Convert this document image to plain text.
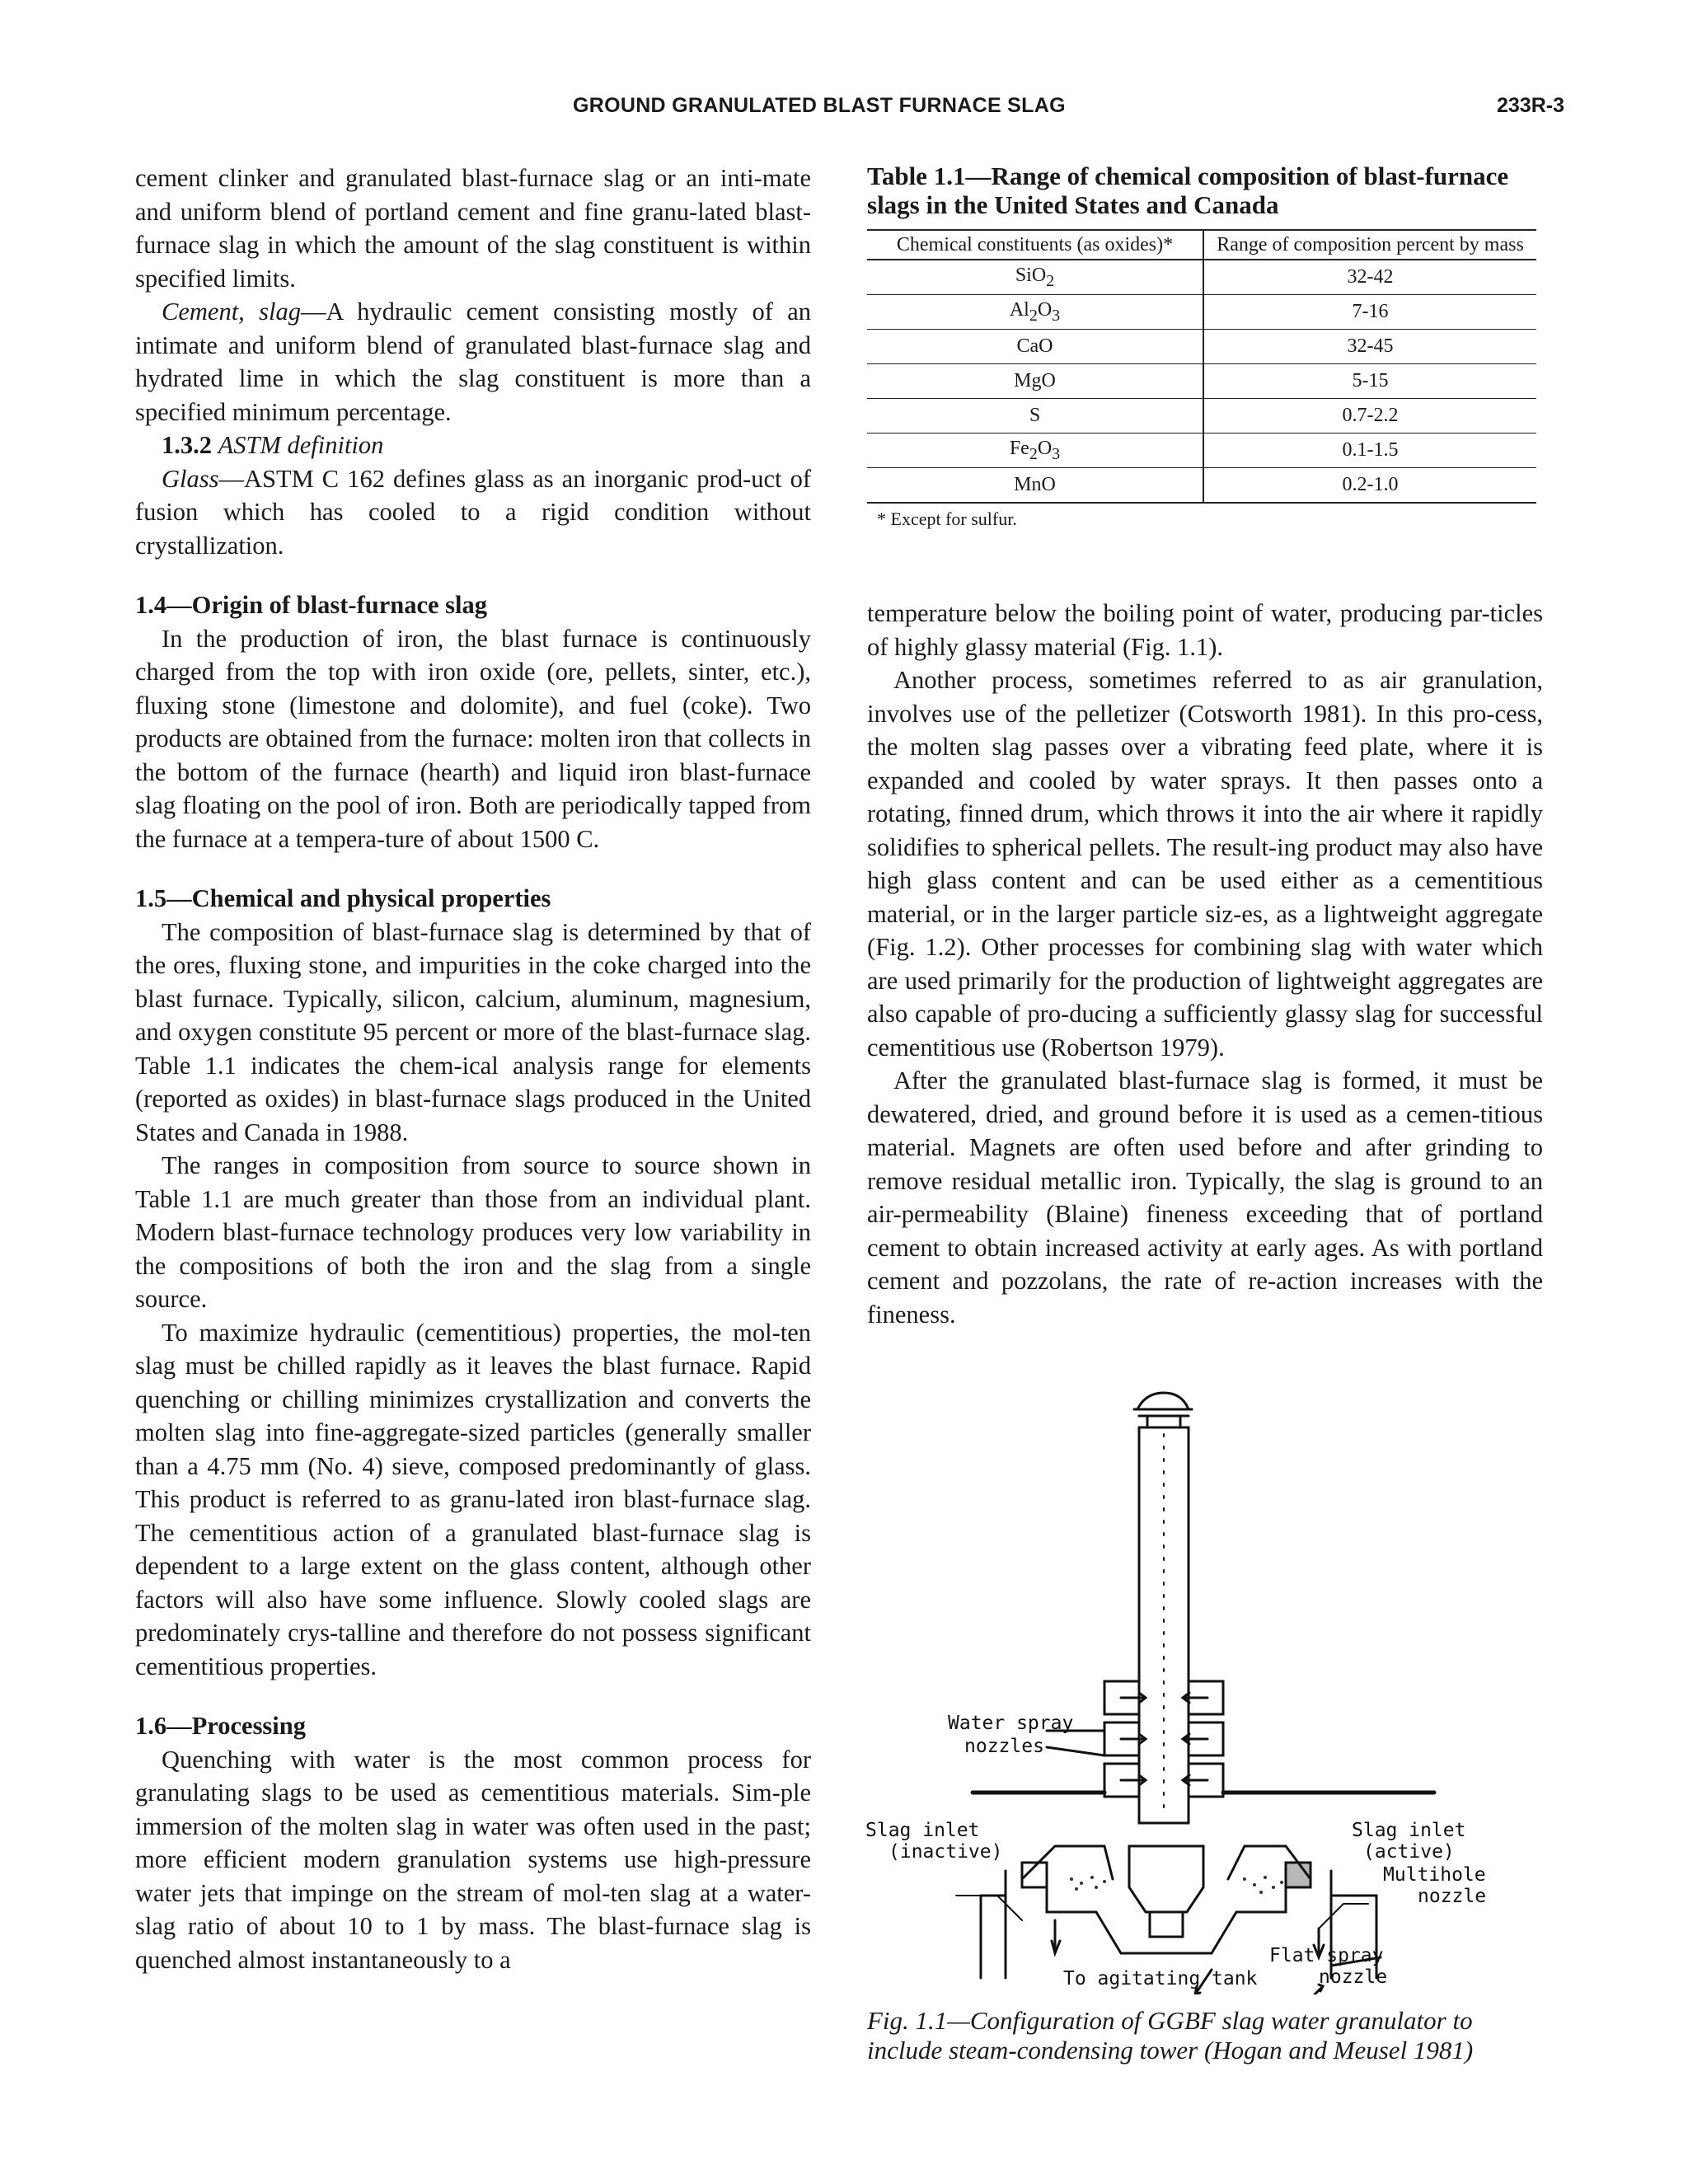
GROUND GRANULATED BLAST FURNACE SLAG	233R-3

cement clinker and granulated blast-furnace slag or an inti-mate and uniform blend of portland cement and fine granu-lated blast-furnace slag in which the amount of the slag constituent is within specified limits.

Cement, slag—A hydraulic cement consisting mostly of an intimate and uniform blend of granulated blast-furnace slag and hydrated lime in which the slag constituent is more than a specified minimum percentage.

1.3.2 ASTM definition

Glass—ASTM C 162 defines glass as an inorganic prod-uct of fusion which has cooled to a rigid condition without crystallization.

1.4—Origin of blast-furnace slag

In the production of iron, the blast furnace is continuously charged from the top with iron oxide (ore, pellets, sinter, etc.), fluxing stone (limestone and dolomite), and fuel (coke). Two products are obtained from the furnace: molten iron that collects in the bottom of the furnace (hearth) and liquid iron blast-furnace slag floating on the pool of iron. Both are periodically tapped from the furnace at a tempera-ture of about 1500 C.

1.5—Chemical and physical properties

The composition of blast-furnace slag is determined by that of the ores, fluxing stone, and impurities in the coke charged into the blast furnace. Typically, silicon, calcium, aluminum, magnesium, and oxygen constitute 95 percent or more of the blast-furnace slag. Table 1.1 indicates the chem-ical analysis range for elements (reported as oxides) in blast-furnace slags produced in the United States and Canada in 1988.

The ranges in composition from source to source shown in Table 1.1 are much greater than those from an individual plant. Modern blast-furnace technology produces very low variability in the compositions of both the iron and the slag from a single source.

To maximize hydraulic (cementitious) properties, the mol-ten slag must be chilled rapidly as it leaves the blast furnace. Rapid quenching or chilling minimizes crystallization and converts the molten slag into fine-aggregate-sized particles (generally smaller than a 4.75 mm (No. 4) sieve, composed predominantly of glass. This product is referred to as granu-lated iron blast-furnace slag. The cementitious action of a granulated blast-furnace slag is dependent to a large extent on the glass content, although other factors will also have some influence. Slowly cooled slags are predominately crys-talline and therefore do not possess significant cementitious properties.

1.6—Processing

Quenching with water is the most common process for granulating slags to be used as cementitious materials. Sim-ple immersion of the molten slag in water was often used in the past; more efficient modern granulation systems use high-pressure water jets that impinge on the stream of mol-ten slag at a water-slag ratio of about 10 to 1 by mass. The blast-furnace slag is quenched almost instantaneously to a

Table 1.1—Range of chemical composition of blast-furnace slags in the United States and Canada
Chemical constituents (as oxides)*	Range of composition percent by mass
SiO$_2$	32-42
$Al_2O_3$	7-16
CaO	32-45
MgO	5-15
S	0.7-2.2
$Fe_2O_3$	0.1-1.5
MnO	0.2-1.0
* Except for sulfur.

temperature below the boiling point of water, producing par-ticles of highly glassy material (Fig. 1.1).

Another process, sometimes referred to as air granulation, involves use of the pelletizer (Cotsworth 1981). In this pro-cess, the molten slag passes over a vibrating feed plate, where it is expanded and cooled by water sprays. It then passes onto a rotating, finned drum, which throws it into the air where it rapidly solidifies to spherical pellets. The result-ing product may also have high glass content and can be used either as a cementitious material, or in the larger particle siz-es, as a lightweight aggregate (Fig. 1.2). Other processes for combining slag with water which are used primarily for the production of lightweight aggregates are also capable of pro-ducing a sufficiently glassy slag for successful cementitious use (Robertson 1979).

After the granulated blast-furnace slag is formed, it must be dewatered, dried, and ground before it is used as a cemen-titious material. Magnets are often used before and after grinding to remove residual metallic iron. Typically, the slag is ground to an air-permeability (Blaine) fineness exceeding that of portland cement to obtain increased activity at early ages. As with portland cement and pozzolans, the rate of re-action increases with the fineness.

Water spray
nozzles
Slag inlet
(inactive)
Slag inlet
(active)
Multihole
nozzle
Flat spray
nozzle
To agitating tank
Fig. 1.1—Configuration of GGBF slag water granulator to include steam-condensing tower (Hogan and Meusel 1981)
